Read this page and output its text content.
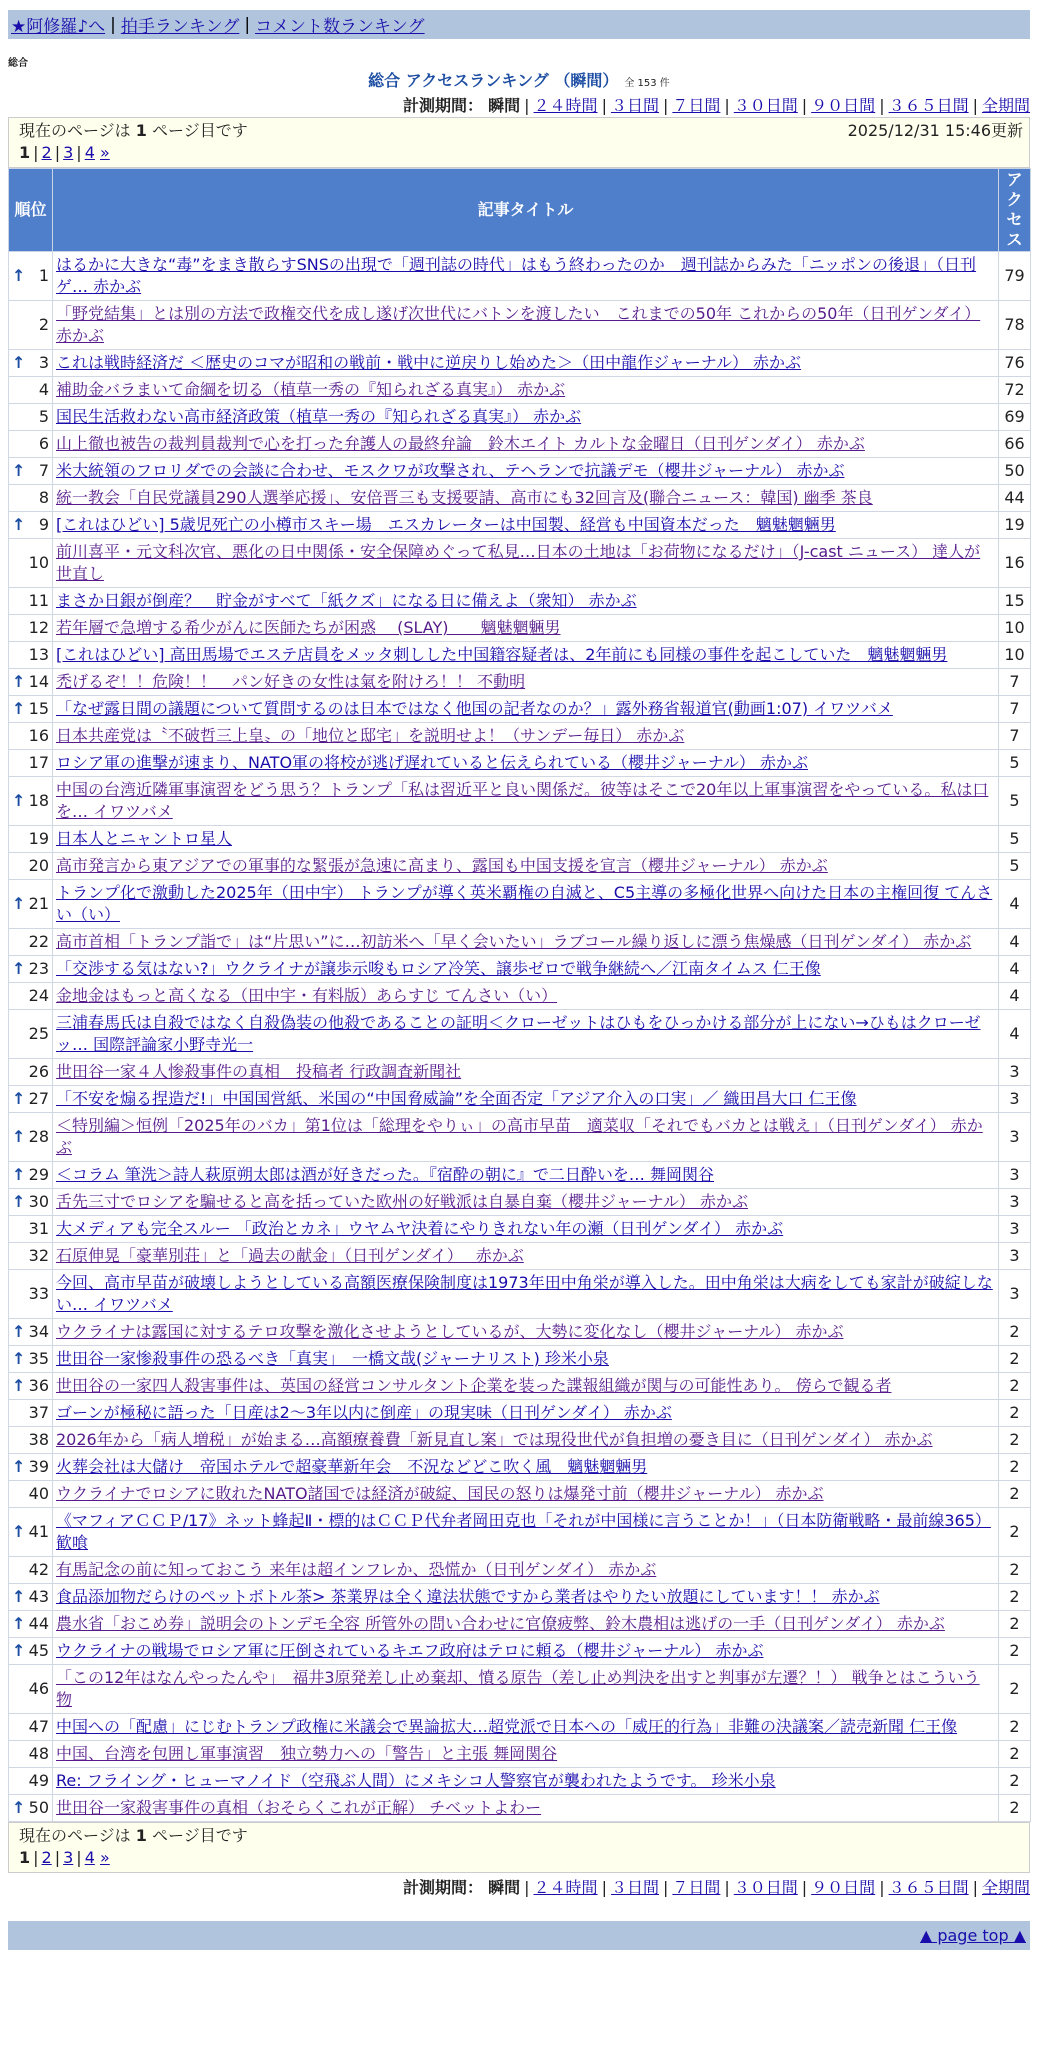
★阿修羅♪へ | 拍手ランキング | コメント数ランキング
総合
総合 アクセスランキング （瞬間） 全 153 件
計測期間： 瞬間 | ２４時間 | ３日間 | ７日間 | ３０日間 | ９０日間 | ３６５日間 | 全期間
現在のページは 1 ページ目です	2025/12/31 15:46更新
1 | 2 | 3 | 4 »
順位	記事タイトル	アクセス

↑ 1	はるかに大きな“毒”をまき散らすSNSの出現で「週刊誌の時代」はもう終わったのか　週刊誌からみた「ニッポンの後退」（日刊ゲ… 赤かぶ	79
2	「野党結集」とは別の方法で政権交代を成し遂げ次世代にバトンを渡したい　これまでの50年 これからの50年（日刊ゲンダイ） 赤かぶ	78

↑ 3	これは戦時経済だ ＜歴史のコマが昭和の戦前・戦中に逆戻りし始めた＞（田中龍作ジャーナル） 赤かぶ	76
4	補助金バラまいて命綱を切る（植草一秀の『知られざる真実』） 赤かぶ	72
5	国民生活救わない高市経済政策（植草一秀の『知られざる真実』） 赤かぶ	69
6	山上徹也被告の裁判員裁判で心を打った弁護人の最終弁論　鈴木エイト カルトな金曜日（日刊ゲンダイ） 赤かぶ	66

↑ 7	米大統領のフロリダでの会談に合わせ、モスクワが攻撃され、テヘランで抗議デモ（櫻井ジャーナル） 赤かぶ	50
8	統一教会「自民党議員290人選挙応援」、安倍晋三も支援要請、高市にも32回言及(聯合ニュース：韓国) 幽季 茶良	44

↑ 9	[これはひどい] 5歳児死亡の小樽市スキー場　エスカレーターは中国製、経営も中国資本だった　魑魅魍魎男	19
10	前川喜平・元文科次官、悪化の日中関係・安全保障めぐって私見…日本の土地は「お荷物になるだけ」（J-cast ニュース） 達人が世直し	16
11	まさか日銀が倒産？　貯金がすべて「紙クズ」になる日に備えよ（衆知） 赤かぶ	15
12	若年層で急増する希少がんに医師たちが困惑 　(SLAY)　　魑魅魍魎男	10
13	[これはひどい] 高田馬場でエステ店員をメッタ刺しした中国籍容疑者は、2年前にも同様の事件を起こしていた　魑魅魍魎男	10

↑ 14	禿げるぞ！！危険！！　パン好きの女性は氣を附けろ！！ 不動明	7

↑ 15	「なぜ露日間の議題について質問するのは日本ではなく他国の記者なのか？」露外務省報道官(動画1:07) イワツバメ	7
16	日本共産党は〝不破哲三上皇〟の「地位と邸宅」を説明せよ！（サンデー毎日） 赤かぶ	7
17	ロシア軍の進撃が速まり、NATO軍の将校が逃げ遅れていると伝えられている（櫻井ジャーナル） 赤かぶ	5

↑ 18	中国の台湾近隣軍事演習をどう思う？トランプ「私は習近平と良い関係だ。彼等はそこで20年以上軍事演習をやっている。私は口を… イワツバメ	5
19	日本人とニャントロ星人	5
20	高市発言から東アジアでの軍事的な緊張が急速に高まり、露国も中国支援を宣言（櫻井ジャーナル） 赤かぶ	5

↑ 21	トランプ化で激動した2025年（田中宇） トランプが導く英米覇権の自滅と、C5主導の多極化世界へ向けた日本の主権回復 てんさい（い）	4
22	高市首相「トランプ詣で」は“片思い”に…初訪米へ「早く会いたい」ラブコール繰り返しに漂う焦燥感（日刊ゲンダイ） 赤かぶ	4

↑ 23	「交渉する気はない?」ウクライナが譲歩示唆もロシア冷笑、譲歩ゼロで戦争継続へ／江南タイムス 仁王像	4
24	金地金はもっと高くなる（田中宇・有料版）あらすじ てんさい（い）	4
25	三浦春馬氏は自殺ではなく自殺偽装の他殺であることの証明＜クローゼットはひもをひっかける部分が上にない→ひもはクローゼッ… 国際評論家小野寺光一	4
26	世田谷一家４人惨殺事件の真相　投稿者 行政調査新聞社	3

↑ 27	「不安を煽る捏造だ!」中国国営紙、米国の“中国脅威論”を全面否定「アジア介入の口実」／ 織田昌大口 仁王像	3

↑ 28	＜特別編＞恒例「2025年のバカ」第1位は「総理をやりぃ」の高市早苗　適菜収「それでもバカとは戦え」（日刊ゲンダイ） 赤かぶ	3

↑ 29	＜コラム 筆洗＞詩人萩原朔太郎は酒が好きだった。『宿酔の朝に』で二日酔いを… 舞岡関谷	3

↑ 30	舌先三寸でロシアを騙せると高を括っていた欧州の好戦派は自暴自棄（櫻井ジャーナル） 赤かぶ	3
31	大メディアも完全スルー 「政治とカネ」ウヤムヤ決着にやりきれない年の瀬（日刊ゲンダイ） 赤かぶ	3
32	石原伸晃「豪華別荘」と「過去の献金」（日刊ゲンダイ）　 赤かぶ	3
33	今回、高市早苗が破壊しようとしている高額医療保険制度は1973年田中角栄が導入した。田中角栄は大病をしても家計が破綻しない… イワツバメ	3

↑ 34	ウクライナは露国に対するテロ攻撃を激化させようとしているが、大勢に変化なし（櫻井ジャーナル） 赤かぶ	2

↑ 35	世田谷一家惨殺事件の恐るべき「真実」　一橋文哉(ジャーナリスト) 珍米小泉	2

↑ 36	世田谷の一家四人殺害事件は、英国の経営コンサルタント企業を装った諜報組織が関与の可能性あり。 傍らで観る者	2
37	ゴーンが極秘に語った「日産は2～3年以内に倒産」の現実味（日刊ゲンダイ） 赤かぶ	2
38	2026年から「病人増税」が始まる…高額療養費「新見直し案」では現役世代が負担増の憂き目に（日刊ゲンダイ） 赤かぶ	2

↑ 39	火葬会社は大儲け　帝国ホテルで超豪華新年会　不況などどこ吹く風　魑魅魍魎男	2
40	ウクライナでロシアに敗れたNATO諸国では経済が破綻、国民の怒りは爆発寸前（櫻井ジャーナル） 赤かぶ	2

↑ 41	《マフィアＣＣＰ/17》ネット蜂起Ⅱ・標的はＣＣＰ代弁者岡田克也「それが中国様に言うことか！」（日本防衛戦略・最前線365） 歓喰	2
42	有馬記念の前に知っておこう 来年は超インフレか、恐慌か（日刊ゲンダイ） 赤かぶ	2

↑ 43	食品添加物だらけのペットボトル茶> 茶業界は全く違法状態ですから業者はやりたい放題にしています！！ 赤かぶ	2

↑ 44	農水省「おこめ券」説明会のトンデモ全容 所管外の問い合わせに官僚疲弊、鈴木農相は逃げの一手（日刊ゲンダイ） 赤かぶ	2

↑ 45	ウクライナの戦場でロシア軍に圧倒されているキエフ政府はテロに頼る（櫻井ジャーナル） 赤かぶ	2
46	「この12年はなんやったんや」　福井3原発差し止め棄却、憤る原告（差し止め判決を出すと判事が左遷？！） 戦争とはこういう物	2
47	中国への「配慮」にじむトランプ政権に米議会で異論拡大…超党派で日本への「威圧的行為」非難の決議案／読売新聞 仁王像	2
48	中国、台湾を包囲し軍事演習　独立勢力への「警告」と主張 舞岡関谷	2
49	Re: フライング・ヒューマノイド（空飛ぶ人間）にメキシコ人警察官が襲われたようです。 珍米小泉	2

↑ 50	世田谷一家殺害事件の真相（おそらくこれが正解） チベットよわー	2
現在のページは 1 ページ目です
1 | 2 | 3 | 4 »
計測期間： 瞬間 | ２４時間 | ３日間 | ７日間 | ３０日間 | ９０日間 | ３６５日間 | 全期間
▲ page top ▲
